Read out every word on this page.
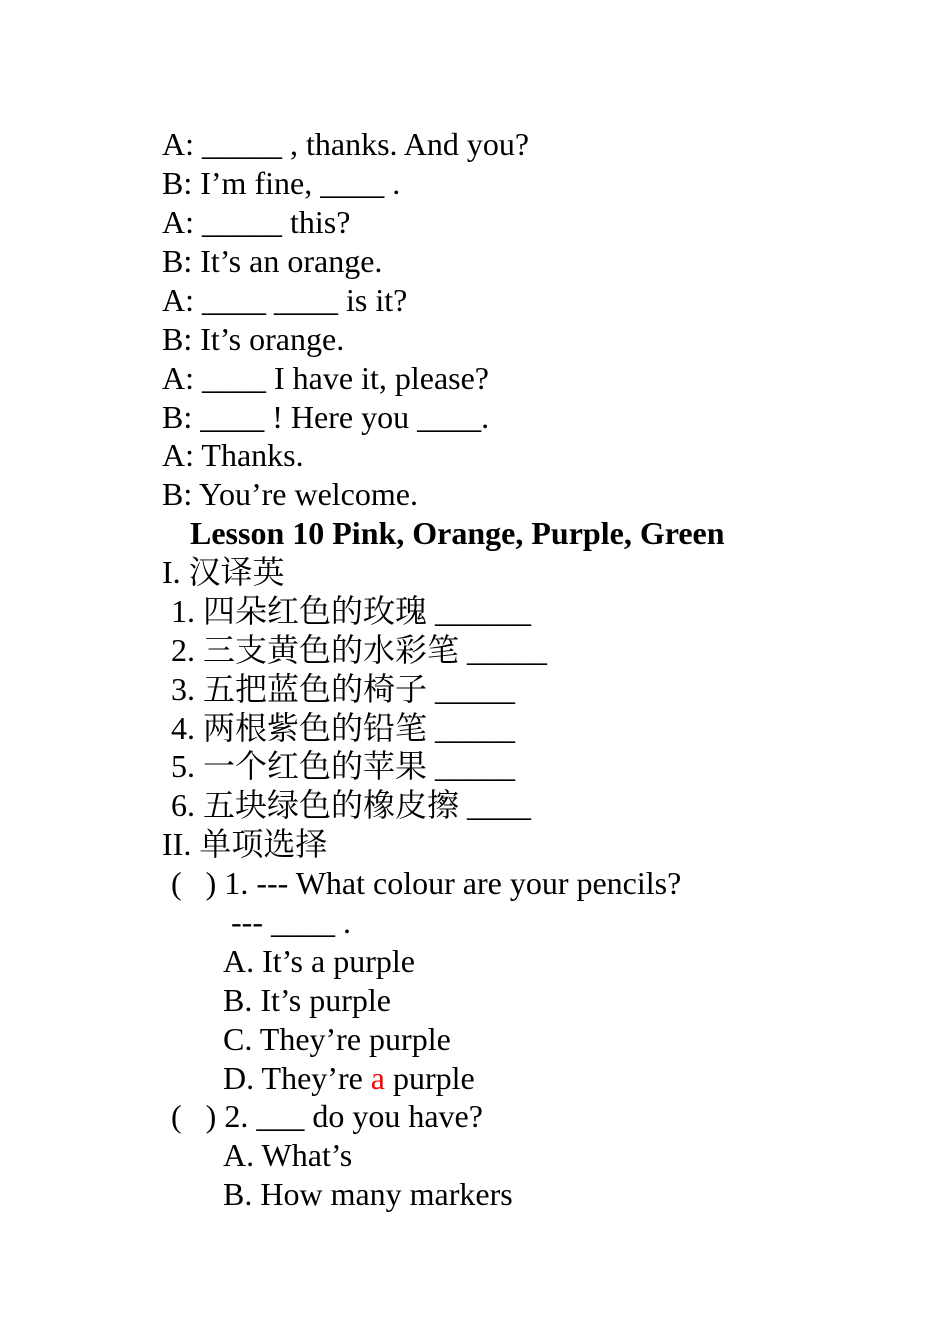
A: _____ , thanks. And you?
B: I’m fine, ____ .
A: _____ this?
B: It’s an orange.
A: ____ ____ is it?
B: It’s orange.
A: ____ I have it, please?
B: ____ ! Here you ____.
A: Thanks.
B: You’re welcome.
Lesson 10 Pink, Orange, Purple, Green
I. 汉译英
1. 四朵红色的玫瑰 ______
2. 三支黄色的水彩笔 _____
3. 五把蓝色的椅子 _____
4. 两根紫色的铅笔 _____
5. 一个红色的苹果 _____
6. 五块绿色的橡皮擦 ____
II. 单项选择
(   ) 1. --- What colour are your pencils?
--- ____ .
A. It’s a purple
B. It’s purple
C. They’re purple
D. They’re a purple
(   ) 2. ___ do you have?
A. What’s
B. How many markers
